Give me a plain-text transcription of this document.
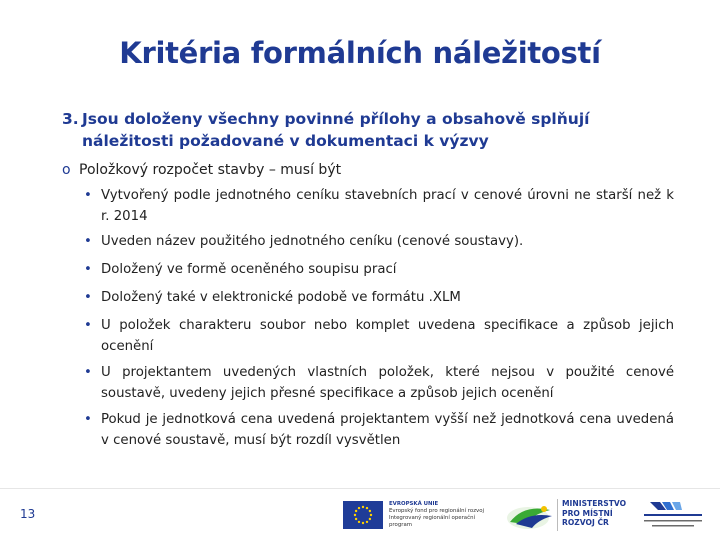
Kritéria formálních náležitostí
3. Jsou doloženy všechny povinné přílohy a obsahově splňují náležitosti požadované v dokumentaci k výzvy
o Položkový rozpočet stavby – musí být
• Vytvořený podle jednotného ceníku stavebních prací v cenové úrovni ne starší než k r. 2014
• Uveden název použitého jednotného ceníku (cenové soustavy).
• Doložený ve formě oceněného soupisu prací
• Doložený také v elektronické podobě ve formátu .XLM
• U položek charakteru soubor nebo komplet uvedena specifikace a způsob jejich ocenění
• U projektantem uvedených vlastních položek, které nejsou v použité cenové soustavě, uvedeny jejich přesné specifikace a způsob jejich ocenění
• Pokud je jednotková cena uvedená projektantem vyšší než jednotková cena uvedená v cenové soustavě, musí být rozdíl vysvětlen
13
EVROPSKÁ UNIE
Evropský fond pro regionální rozvoj
Integrovaný regionální operační program
MINISTERSTVO
PRO MÍSTNÍ
ROZVOJ ČR
